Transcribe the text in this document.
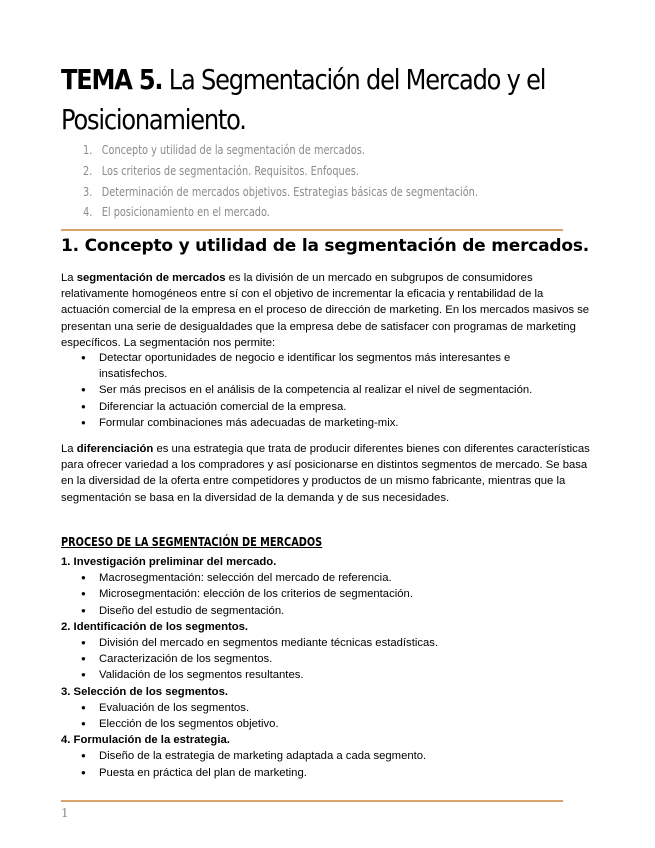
TEMA 5. La Segmentación del Mercado y el Posicionamiento.
1. Concepto y utilidad de la segmentación de mercados.
2. Los criterios de segmentación. Requisitos. Enfoques.
3. Determinación de mercados objetivos. Estrategias básicas de segmentación.
4. El posicionamiento en el mercado.
1. Concepto y utilidad de la segmentación de mercados.

La segmentación de mercados es la división de un mercado en subgrupos de consumidores relativamente homogéneos entre sí con el objetivo de incrementar la eficacia y rentabilidad de la actuación comercial de la empresa en el proceso de dirección de marketing. En los mercados masivos se presentan una serie de desigualdades que la empresa debe de satisfacer con programas de marketing específicos. La segmentación nos permite:

● Detectar oportunidades de negocio e identificar los segmentos más interesantes e insatisfechos.
● Ser más precisos en el análisis de la competencia al realizar el nivel de segmentación.
● Diferenciar la actuación comercial de la empresa.
● Formular combinaciones más adecuadas de marketing-mix.

La diferenciación es una estrategia que trata de producir diferentes bienes con diferentes características para ofrecer variedad a los compradores y así posicionarse en distintos segmentos de mercado. Se basa en la diversidad de la oferta entre competidores y productos de un mismo fabricante, mientras que la segmentación se basa en la diversidad de la demanda y de sus necesidades.

PROCESO DE LA SEGMENTACIÓN DE MERCADOS
1. Investigación preliminar del mercado.
● Macrosegmentación: selección del mercado de referencia.
● Microsegmentación: elección de los criterios de segmentación.
● Diseño del estudio de segmentación.
2. Identificación de los segmentos.
● División del mercado en segmentos mediante técnicas estadísticas.
● Caracterización de los segmentos.
● Validación de los segmentos resultantes.
3. Selección de los segmentos.
● Evaluación de los segmentos.
● Elección de los segmentos objetivo.
4. Formulación de la estrategia.
● Diseño de la estrategia de marketing adaptada a cada segmento.
● Puesta en práctica del plan de marketing.
1
